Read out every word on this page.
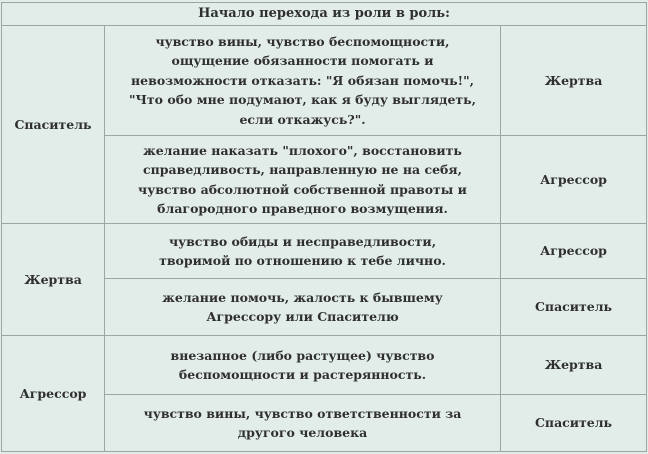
Начало перехода из роли в роль:		
Спаситель	чувство вины, чувство беспомощности,
ощущение обязанности помогать и
невозможности отказать: "Я обязан помочь!",
"Что обо мне подумают, как я буду выглядеть,
если откажусь?".	Жертва

	желание наказать "плохого", восстановить
справедливость, направленную не на себя,
чувство абсолютной собственной правоты и
благородного праведного возмущения.	Агрессор
Жертва	чувство обиды и несправедливости,
творимой по отношению к тебе лично.	Агрессор

	желание помочь, жалость к бывшему
Агрессору или Спасителю	Спаситель
Агрессор	внезапное (либо растущее) чувство
беспомощности и растерянность.	Жертва

	чувство вины, чувство ответственности за
другого человека	Спаситель
